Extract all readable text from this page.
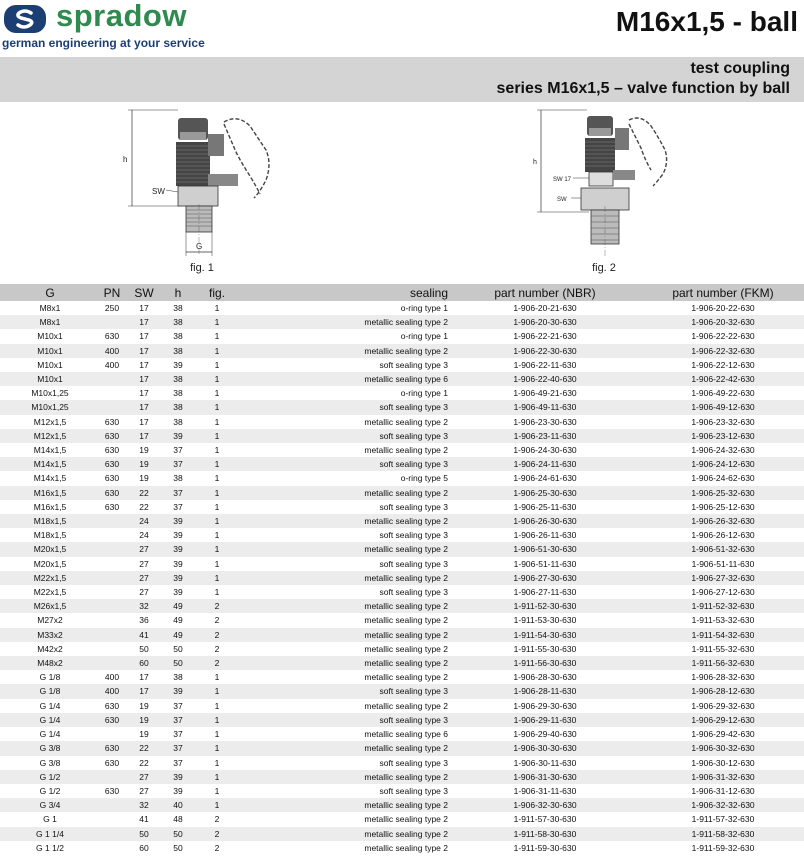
spradow
german engineering at your service
M16x1,5 - ball
test coupling
series M16x1,5 – valve function by ball
h
SW
G
fig. 1
h
SW 17
SW
fig. 2
G	PN	SW	h	fig.	sealing	part number (NBR)	part number (FKM)
M8x1	250	17	38	1	o-ring type 1	1-906-20-21-630	1-906-20-22-630
M8x1		17	38	1	metallic sealing type 2	1-906-20-30-630	1-906-20-32-630
M10x1	630	17	38	1	o-ring type 1	1-906-22-21-630	1-906-22-22-630
M10x1	400	17	38	1	metallic sealing type 2	1-906-22-30-630	1-906-22-32-630
M10x1	400	17	39	1	soft sealing type 3	1-906-22-11-630	1-906-22-12-630
M10x1		17	38	1	metallic sealing type 6	1-906-22-40-630	1-906-22-42-630
M10x1,25		17	38	1	o-ring type 1	1-906-49-21-630	1-906-49-22-630
M10x1,25		17	38	1	soft sealing type 3	1-906-49-11-630	1-906-49-12-630
M12x1,5	630	17	38	1	metallic sealing type 2	1-906-23-30-630	1-906-23-32-630
M12x1,5	630	17	39	1	soft sealing type 3	1-906-23-11-630	1-906-23-12-630
M14x1,5	630	19	37	1	metallic sealing type 2	1-906-24-30-630	1-906-24-32-630
M14x1,5	630	19	37	1	soft sealing type 3	1-906-24-11-630	1-906-24-12-630
M14x1,5	630	19	38	1	o-ring type 5	1-906-24-61-630	1-906-24-62-630
M16x1,5	630	22	37	1	metallic sealing type 2	1-906-25-30-630	1-906-25-32-630
M16x1,5	630	22	37	1	soft sealing type 3	1-906-25-11-630	1-906-25-12-630
M18x1,5		24	39	1	metallic sealing type 2	1-906-26-30-630	1-906-26-32-630
M18x1,5		24	39	1	soft sealing type 3	1-906-26-11-630	1-906-26-12-630
M20x1,5		27	39	1	metallic sealing type 2	1-906-51-30-630	1-906-51-32-630
M20x1,5		27	39	1	soft sealing type 3	1-906-51-11-630	1-906-51-11-630
M22x1,5		27	39	1	metallic sealing type 2	1-906-27-30-630	1-906-27-32-630
M22x1,5		27	39	1	soft sealing type 3	1-906-27-11-630	1-906-27-12-630
M26x1,5		32	49	2	metallic sealing type 2	1-911-52-30-630	1-911-52-32-630
M27x2		36	49	2	metallic sealing type 2	1-911-53-30-630	1-911-53-32-630
M33x2		41	49	2	metallic sealing type 2	1-911-54-30-630	1-911-54-32-630
M42x2		50	50	2	metallic sealing type 2	1-911-55-30-630	1-911-55-32-630
M48x2		60	50	2	metallic sealing type 2	1-911-56-30-630	1-911-56-32-630
G 1/8	400	17	38	1	metallic sealing type 2	1-906-28-30-630	1-906-28-32-630
G 1/8	400	17	39	1	soft sealing type 3	1-906-28-11-630	1-906-28-12-630
G 1/4	630	19	37	1	metallic sealing type 2	1-906-29-30-630	1-906-29-32-630
G 1/4	630	19	37	1	soft sealing type 3	1-906-29-11-630	1-906-29-12-630
G 1/4		19	37	1	metallic sealing type 6	1-906-29-40-630	1-906-29-42-630
G 3/8	630	22	37	1	metallic sealing type 2	1-906-30-30-630	1-906-30-32-630
G 3/8	630	22	37	1	soft sealing type 3	1-906-30-11-630	1-906-30-12-630
G 1/2		27	39	1	metallic sealing type 2	1-906-31-30-630	1-906-31-32-630
G 1/2	630	27	39	1	soft sealing type 3	1-906-31-11-630	1-906-31-12-630
G 3/4		32	40	1	metallic sealing type 2	1-906-32-30-630	1-906-32-32-630
G 1		41	48	2	metallic sealing type 2	1-911-57-30-630	1-911-57-32-630
G 1 1/4		50	50	2	metallic sealing type 2	1-911-58-30-630	1-911-58-32-630
G 1 1/2		60	50	2	metallic sealing type 2	1-911-59-30-630	1-911-59-32-630
